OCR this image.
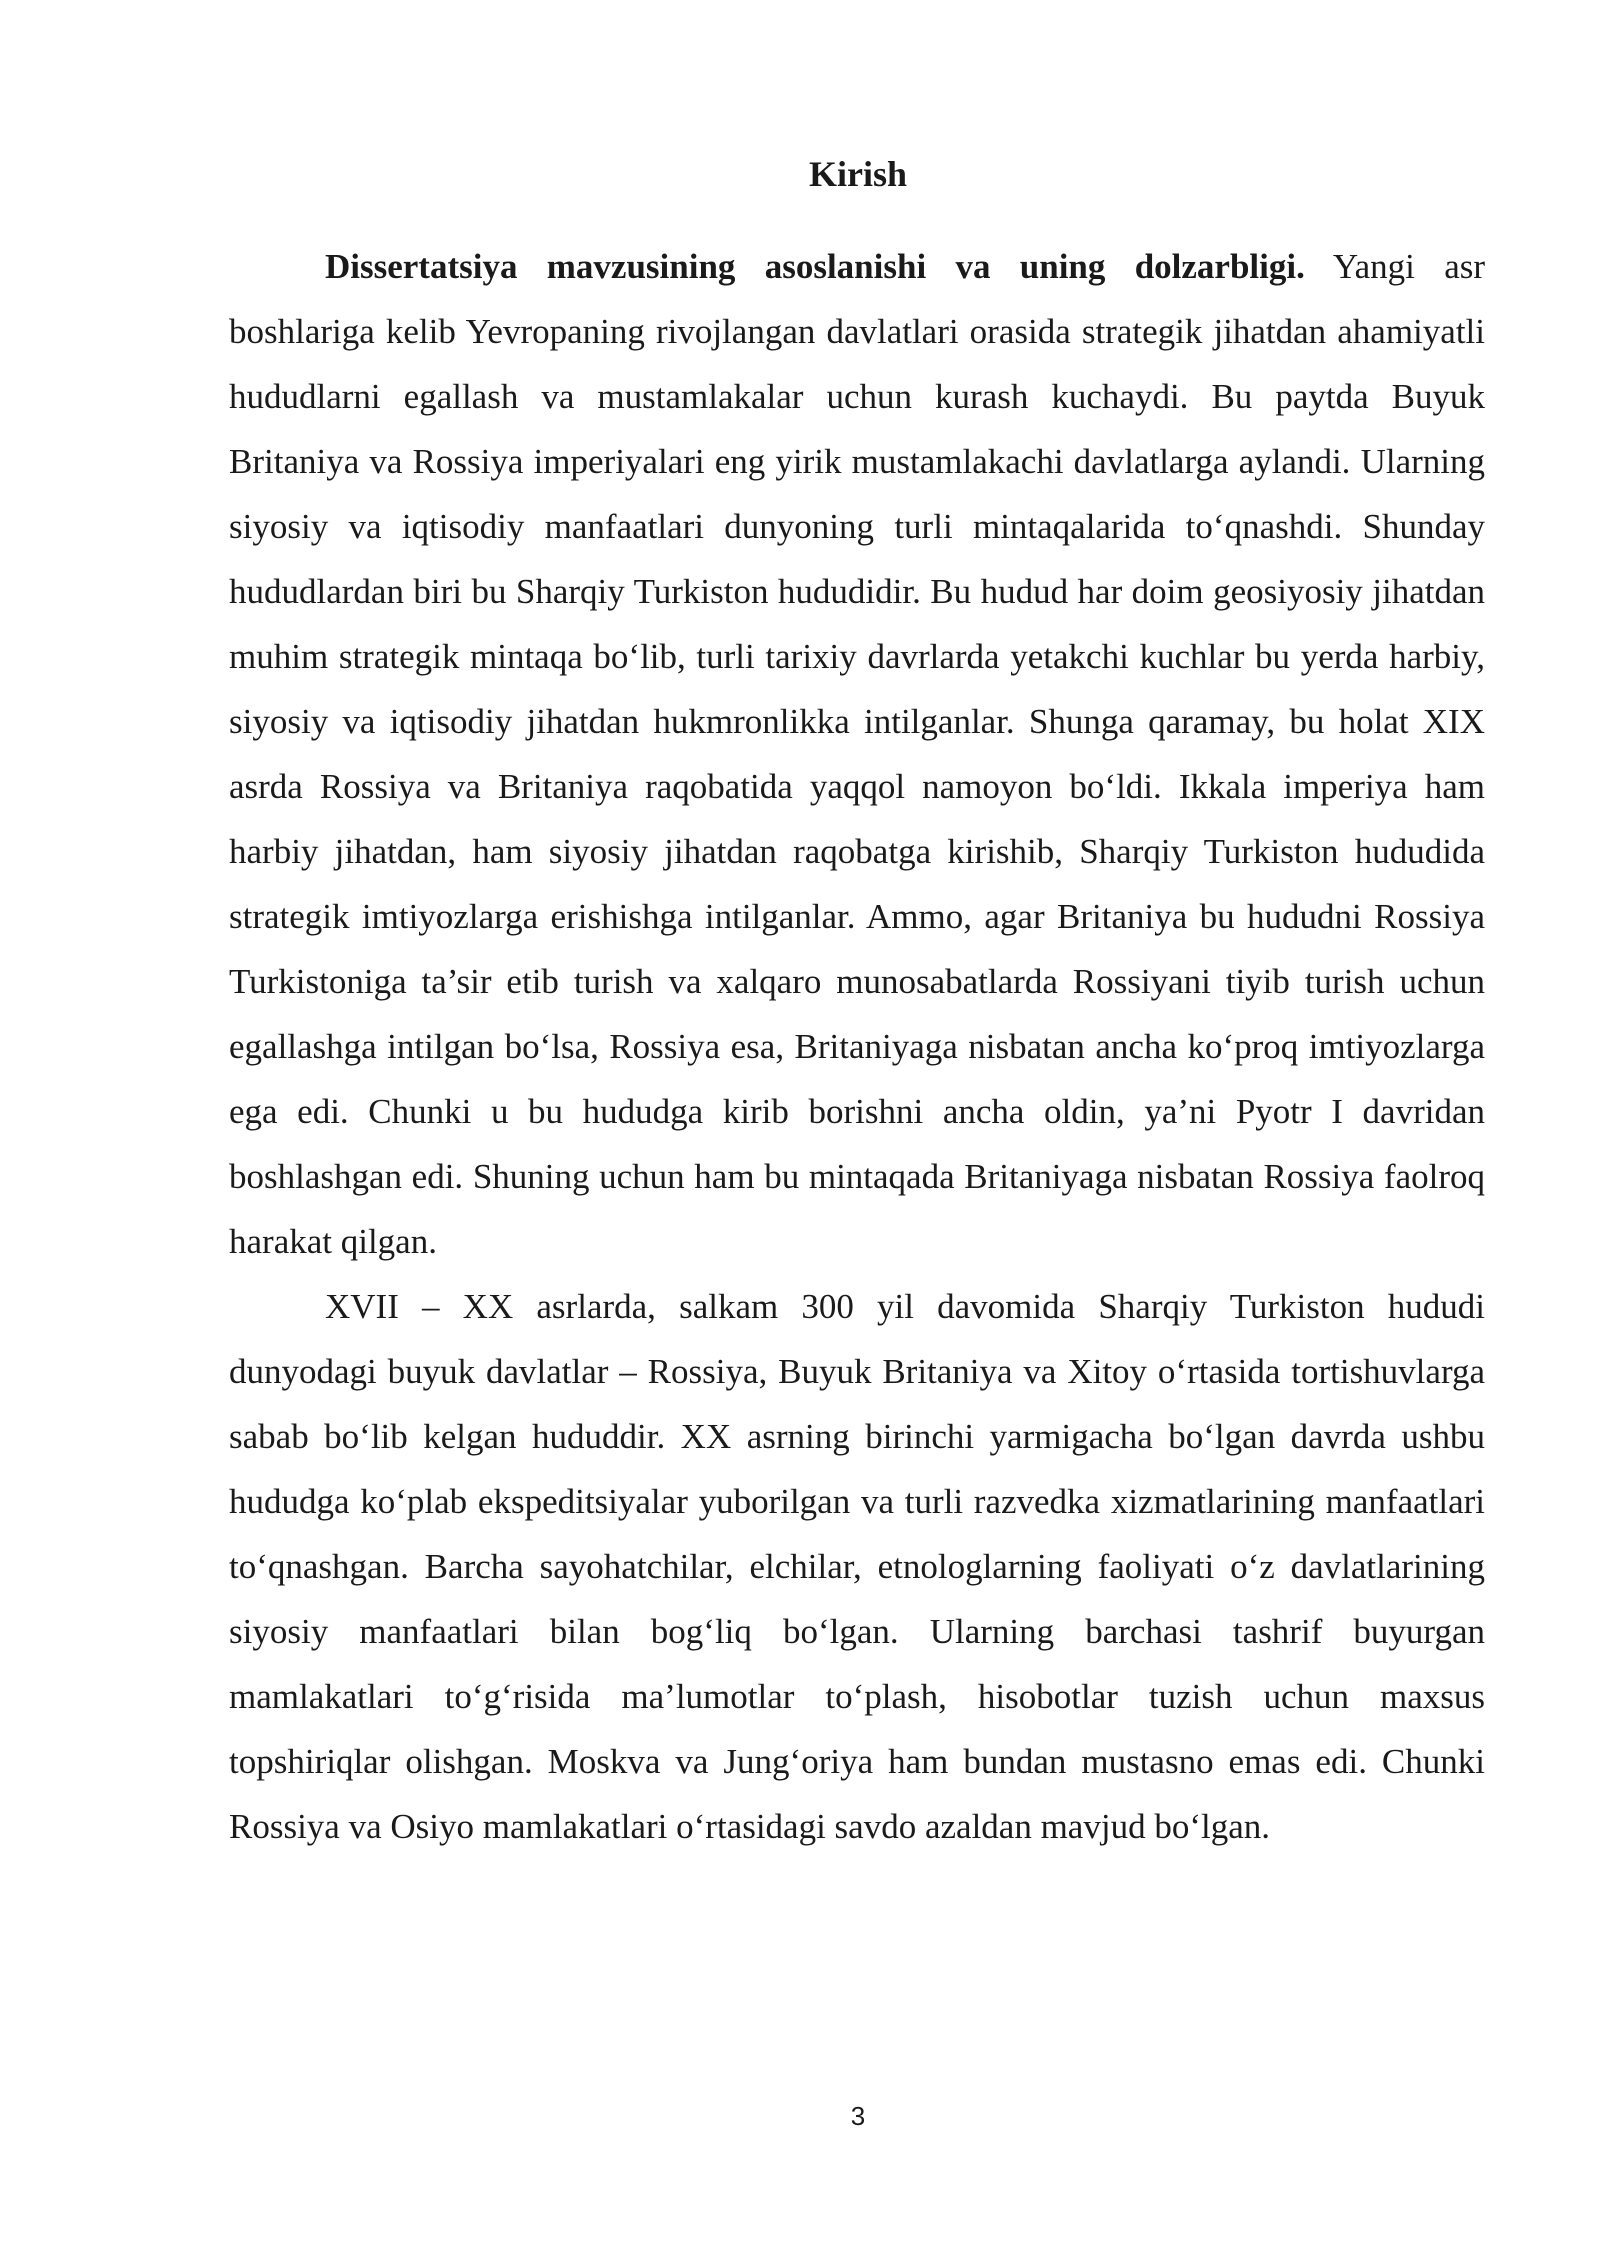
Kirish

Dissertatsiya mavzusining asoslanishi va uning dolzarbligi. Yangi asr boshlariga kelib Yevropaning rivojlangan davlatlari orasida strategik jihatdan ahamiyatli hududlarni egallash va mustamlakalar uchun kurash kuchaydi. Bu paytda Buyuk Britaniya va Rossiya imperiyalari eng yirik mustamlakachi davlatlarga aylandi. Ularning siyosiy va iqtisodiy manfaatlari dunyoning turli mintaqalarida to‘qnashdi. Shunday hududlardan biri bu Sharqiy Turkiston hududidir. Bu hudud har doim geosiyosiy jihatdan muhim strategik mintaqa bo‘lib, turli tarixiy davrlarda yetakchi kuchlar bu yerda harbiy, siyosiy va iqtisodiy jihatdan hukmronlikka intilganlar. Shunga qaramay, bu holat XIX asrda Rossiya va Britaniya raqobatida yaqqol namoyon bo‘ldi. Ikkala imperiya ham harbiy jihatdan, ham siyosiy jihatdan raqobatga kirishib, Sharqiy Turkiston hududida strategik imtiyozlarga erishishga intilganlar. Ammo, agar Britaniya bu hududni Rossiya Turkistoniga ta’sir etib turish va xalqaro munosabatlarda Rossiyani tiyib turish uchun egallashga intilgan bo‘lsa, Rossiya esa, Britaniyaga nisbatan ancha ko‘proq imtiyozlarga ega edi. Chunki u bu hududga kirib borishni ancha oldin, ya’ni Pyotr I davridan boshlashgan edi. Shuning uchun ham bu mintaqada Britaniyaga nisbatan Rossiya faolroq harakat qilgan.

XVII – XX asrlarda, salkam 300 yil davomida Sharqiy Turkiston hududi dunyodagi buyuk davlatlar – Rossiya, Buyuk Britaniya va Xitoy o‘rtasida tortishuvlarga sabab bo‘lib kelgan hududdir. XX asrning birinchi yarmigacha bo‘lgan davrda ushbu hududga ko‘plab ekspeditsiyalar yuborilgan va turli razvedka xizmatlarining manfaatlari to‘qnashgan. Barcha sayohatchilar, elchilar, etnologlarning faoliyati o‘z davlatlarining siyosiy manfaatlari bilan bog‘liq bo‘lgan. Ularning barchasi tashrif buyurgan mamlakatlari to‘g‘risida ma’lumotlar to‘plash, hisobotlar tuzish uchun maxsus topshiriqlar olishgan. Moskva va Jung‘oriya ham bundan mustasno emas edi. Chunki Rossiya va Osiyo mamlakatlari o‘rtasidagi savdo azaldan mavjud bo‘lgan.

3
